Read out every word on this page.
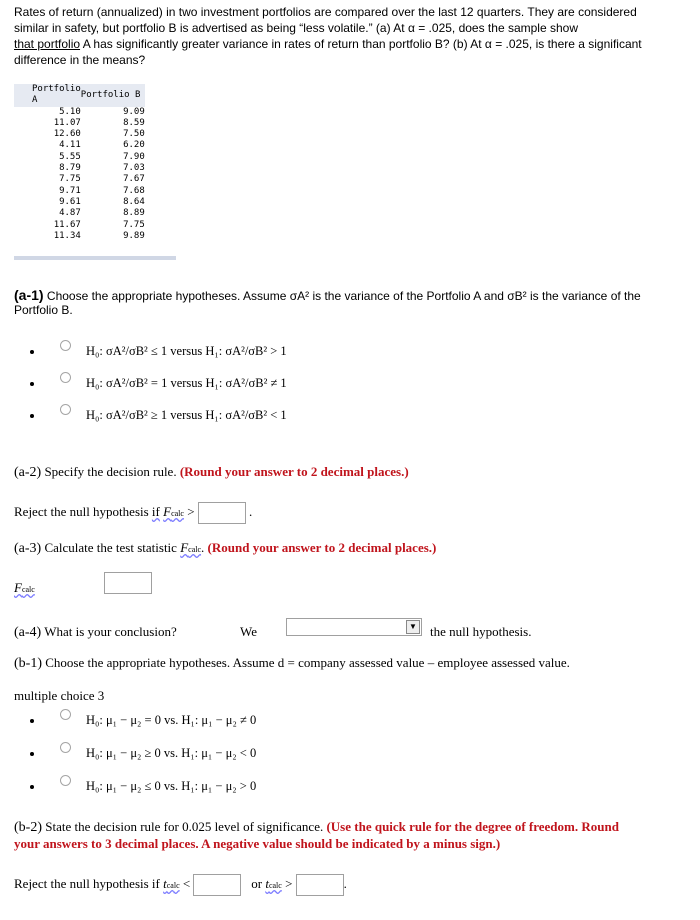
Rates of return (annualized) in two investment portfolios are compared over the last 12 quarters. They are considered
similar in safety, but portfolio B is advertised as being “less volatile.” (a) At α = .025, does the sample show
that portfolio A has significantly greater variance in rates of return than portfolio B? (b) At α = .025, is there a significant
difference in the means?
Portfolio A	Portfolio B
5.10	9.09
11.07	8.59
12.60	7.50
4.11	6.20
5.55	7.90
8.79	7.03
7.75	7.67
9.71	7.68
9.61	8.64
4.87	8.89
11.67	7.75
11.34	9.89
(a-1) Choose the appropriate hypotheses. Assume σA² is the variance of the Portfolio A and σB² is the variance of the
Portfolio B.
H₀: σA²/σB² ≤ 1 versus H₁: σA²/σB² > 1
H₀: σA²/σB² = 1 versus H₁: σA²/σB² ≠ 1
H₀: σA²/σB² ≥ 1 versus H₁: σA²/σB² < 1
(a-2) Specify the decision rule. (Round your answer to 2 decimal places.)
Reject the null hypothesis if Fcalc >	.
(a-3) Calculate the test statistic Fcalc. (Round your answer to 2 decimal places.)
Fcalc
(a-4) What is your conclusion?	We	▼ the null hypothesis.
(b-1) Choose the appropriate hypotheses. Assume d = company assessed value – employee assessed value.
multiple choice 3
H₀: μ₁ − μ₂ = 0 vs. H₁: μ₁ − μ₂ ≠ 0
H₀: μ₁ − μ₂ ≥ 0 vs. H₁: μ₁ − μ₂ < 0
H₀: μ₁ − μ₂ ≤ 0 vs. H₁: μ₁ − μ₂ > 0
(b-2) State the decision rule for 0.025 level of significance. (Use the quick rule for the degree of freedom. Round
your answers to 3 decimal places. A negative value should be indicated by a minus sign.)
Reject the null hypothesis if tcalc <	or tcalc >	.
